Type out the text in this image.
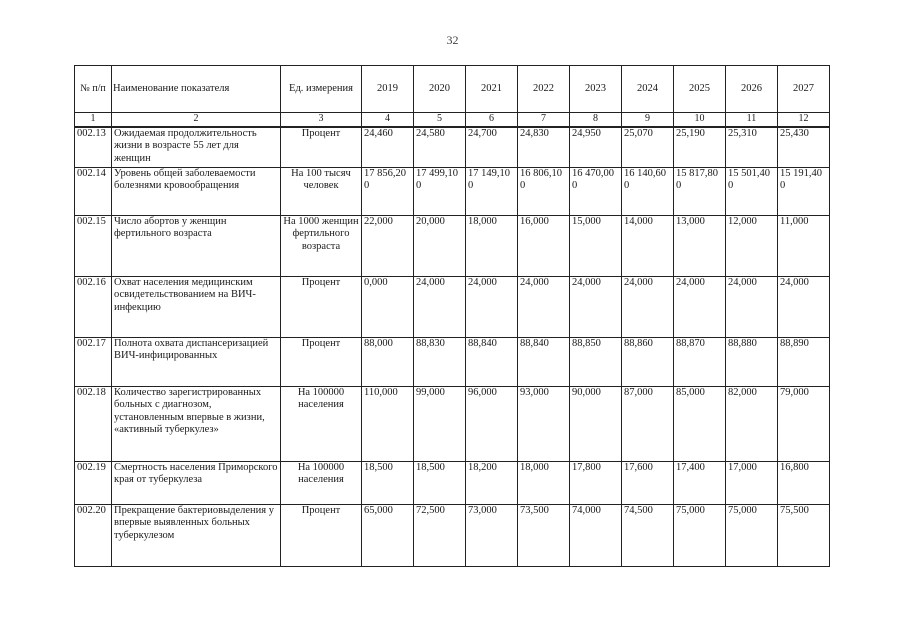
32
№ п/п	Наименование показателя	Ед. измерения	2019	2020	2021	2022	2023	2024	2025	2026	2027
1	2	3	4	5	6	7	8	9	10	11	12
002.13	Ожидаемая продолжительность жизни в возрасте 55 лет для женщин	Процент	24,460	24,580	24,700	24,830	24,950	25,070	25,190	25,310	25,430
002.14	Уровень общей заболеваемости болезнями кровообращения	На 100 тысяч человек	17 856,200	17 499,100	17 149,100	16 806,100	16 470,000	16 140,600	15 817,800	15 501,400	15 191,400
002.15	Число абортов у женщин фертильного возраста	На 1000 женщин фертильного возраста	22,000	20,000	18,000	16,000	15,000	14,000	13,000	12,000	11,000
002.16	Охват населения медицинским освидетельствованием на ВИЧ-инфекцию	Процент	0,000	24,000	24,000	24,000	24,000	24,000	24,000	24,000	24,000
002.17	Полнота охвата диспансеризацией ВИЧ-инфицированных	Процент	88,000	88,830	88,840	88,840	88,850	88,860	88,870	88,880	88,890
002.18	Количество зарегистрированных больных с диагнозом, установленным впервые в жизни, «активный туберкулез»	На 100000 населения	110,000	99,000	96,000	93,000	90,000	87,000	85,000	82,000	79,000
002.19	Смертность населения Приморского края от туберкулеза	На 100000 населения	18,500	18,500	18,200	18,000	17,800	17,600	17,400	17,000	16,800
002.20	Прекращение бактериовыделения у впервые выявленных больных туберкулезом	Процент	65,000	72,500	73,000	73,500	74,000	74,500	75,000	75,000	75,500
